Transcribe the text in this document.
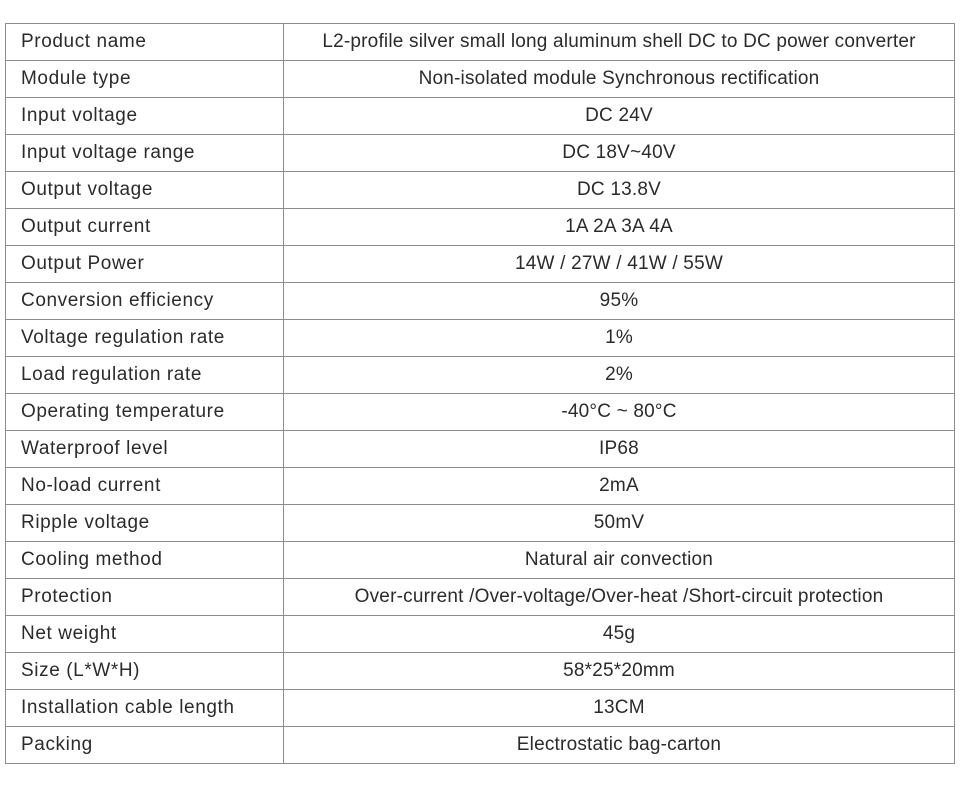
Product name	L2-profile silver small long aluminum shell DC to DC power converter
Module type	Non-isolated module Synchronous rectification
Input voltage	DC 24V
Input voltage range	DC 18V~40V
Output voltage	DC 13.8V
Output current	1A 2A 3A 4A
Output Power	14W / 27W / 41W / 55W
Conversion efficiency	95%
Voltage regulation rate	1%
Load regulation rate	2%
Operating temperature	-40°C ~ 80°C
Waterproof level	IP68
No-load current	2mA
Ripple voltage	50mV
Cooling method	Natural air convection
Protection	Over-current /Over-voltage/Over-heat /Short-circuit protection
Net weight	45g
Size (L*W*H)	58*25*20mm
Installation cable length	13CM
Packing	Electrostatic bag-carton
